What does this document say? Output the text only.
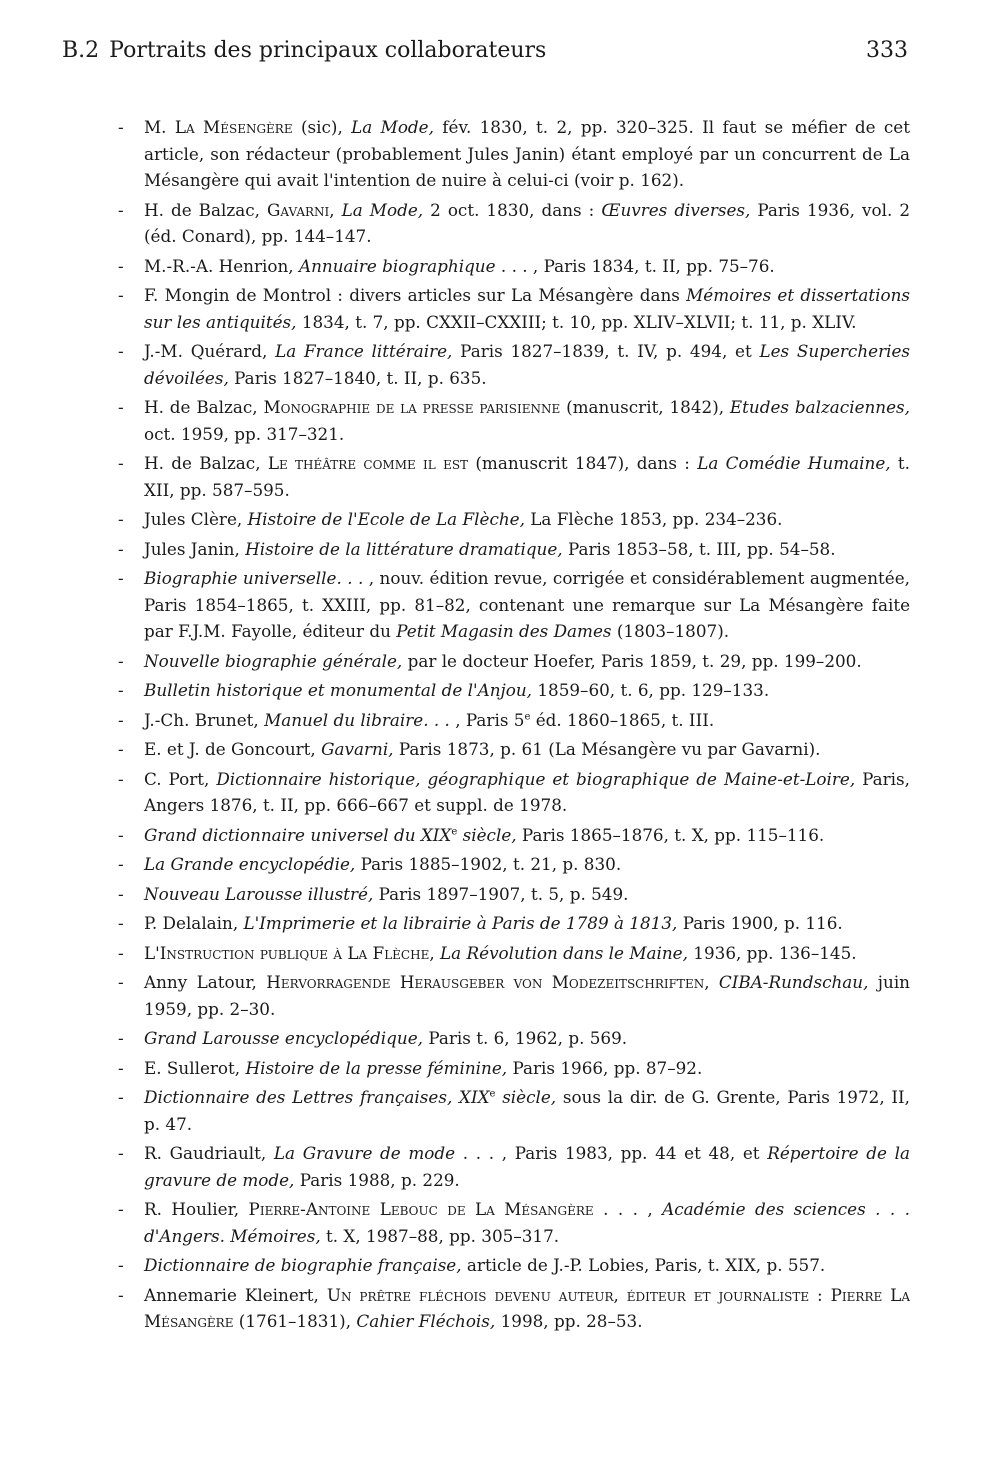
B.2 Portraits des principaux collaborateurs	333
- M. La Mésengère (sic), La Mode, fév. 1830, t. 2, pp. 320–325. Il faut se méfier de cet article, son rédacteur (probablement Jules Janin) étant employé par un concurrent de La Mésangère qui avait l'intention de nuire à celui-ci (voir p. 162).
- H. de Balzac, Gavarni, La Mode, 2 oct. 1830, dans : Œuvres diverses, Paris 1936, vol. 2 (éd. Conard), pp. 144–147.
- M.-R.-A. Henrion, Annuaire biographique . . . , Paris 1834, t. II, pp. 75–76.
- F. Mongin de Montrol : divers articles sur La Mésangère dans Mémoires et dissertations sur les antiquités, 1834, t. 7, pp. CXXII–CXXIII; t. 10, pp. XLIV–XLVII; t. 11, p. XLIV.
- J.-M. Quérard, La France littéraire, Paris 1827–1839, t. IV, p. 494, et Les Supercheries dévoilées, Paris 1827–1840, t. II, p. 635.
- H. de Balzac, Monographie de la presse parisienne (manuscrit, 1842), Etudes balzaciennes, oct. 1959, pp. 317–321.
- H. de Balzac, Le théâtre comme il est (manuscrit 1847), dans : La Comédie Humaine, t. XII, pp. 587–595.
- Jules Clère, Histoire de l'Ecole de La Flèche, La Flèche 1853, pp. 234–236.
- Jules Janin, Histoire de la littérature dramatique, Paris 1853–58, t. III, pp. 54–58.
- Biographie universelle. . . , nouv. édition revue, corrigée et considérablement augmentée, Paris 1854–1865, t. XXIII, pp. 81–82, contenant une remarque sur La Mésangère faite par F.J.M. Fayolle, éditeur du Petit Magasin des Dames (1803–1807).
- Nouvelle biographie générale, par le docteur Hoefer, Paris 1859, t. 29, pp. 199–200.
- Bulletin historique et monumental de l'Anjou, 1859–60, t. 6, pp. 129–133.
- J.-Ch. Brunet, Manuel du libraire. . . , Paris 5e éd. 1860–1865, t. III.
- E. et J. de Goncourt, Gavarni, Paris 1873, p. 61 (La Mésangère vu par Gavarni).
- C. Port, Dictionnaire historique, géographique et biographique de Maine-et-Loire, Paris, Angers 1876, t. II, pp. 666–667 et suppl. de 1978.
- Grand dictionnaire universel du XIXe siècle, Paris 1865–1876, t. X, pp. 115–116.
- La Grande encyclopédie, Paris 1885–1902, t. 21, p. 830.
- Nouveau Larousse illustré, Paris 1897–1907, t. 5, p. 549.
- P. Delalain, L'Imprimerie et la librairie à Paris de 1789 à 1813, Paris 1900, p. 116.
- L'Instruction publique à La Flèche, La Révolution dans le Maine, 1936, pp. 136–145.
- Anny Latour, Hervorragende Herausgeber von Modezeitschriften, CIBA-Rundschau, juin 1959, pp. 2–30.
- Grand Larousse encyclopédique, Paris t. 6, 1962, p. 569.
- E. Sullerot, Histoire de la presse féminine, Paris 1966, pp. 87–92.
- Dictionnaire des Lettres françaises, XIXe siècle, sous la dir. de G. Grente, Paris 1972, II, p. 47.
- R. Gaudriault, La Gravure de mode . . . , Paris 1983, pp. 44 et 48, et Répertoire de la gravure de mode, Paris 1988, p. 229.
- R. Houlier, Pierre-Antoine Lebouc de La Mésangère . . . , Académie des sciences . . . d'Angers. Mémoires, t. X, 1987–88, pp. 305–317.
- Dictionnaire de biographie française, article de J.-P. Lobies, Paris, t. XIX, p. 557.
- Annemarie Kleinert, Un prêtre fléchois devenu auteur, éditeur et journaliste : Pierre La Mésangère (1761–1831), Cahier Fléchois, 1998, pp. 28–53.
